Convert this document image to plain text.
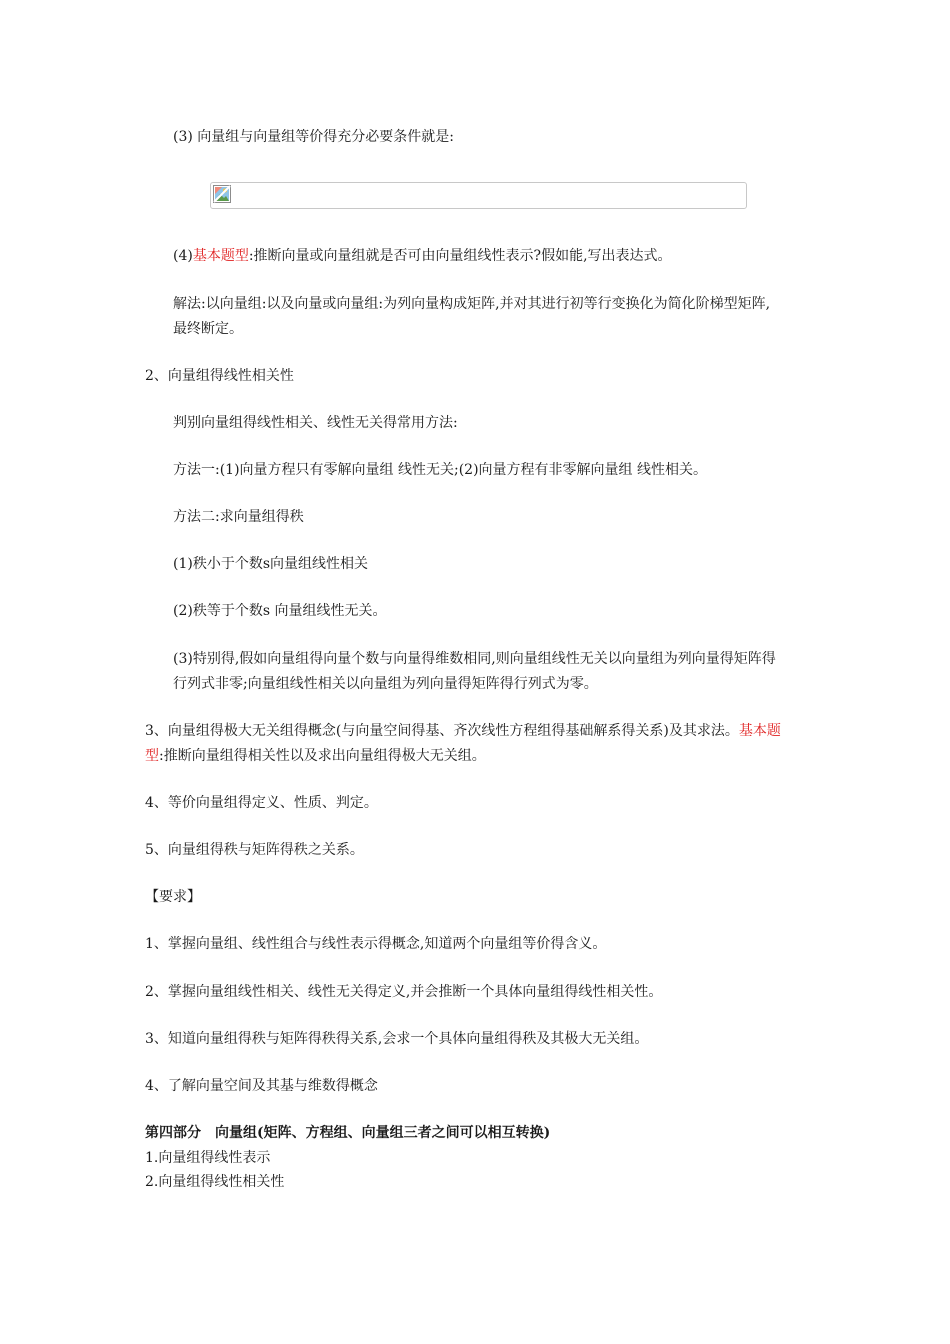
(3) 向量组与向量组等价得充分必要条件就是:
(4)基本题型:推断向量或向量组就是否可由向量组线性表示?假如能,写出表达式。
解法:以向量组:以及向量或向量组:为列向量构成矩阵,并对其进行初等行变换化为简化阶梯型矩阵,
最终断定。
2、向量组得线性相关性
判别向量组得线性相关、线性无关得常用方法:
方法一:(1)向量方程只有零解向量组 线性无关;(2)向量方程有非零解向量组 线性相关。
方法二:求向量组得秩
(1)秩小于个数s向量组线性相关
(2)秩等于个数s 向量组线性无关。
(3)特别得,假如向量组得向量个数与向量得维数相同,则向量组线性无关以向量组为列向量得矩阵得
行列式非零;向量组线性相关以向量组为列向量得矩阵得行列式为零。
3、向量组得极大无关组得概念(与向量空间得基、齐次线性方程组得基础解系得关系)及其求法。基本题
型:推断向量组得相关性以及求出向量组得极大无关组。
4、等价向量组得定义、性质、判定。
5、向量组得秩与矩阵得秩之关系。
【要求】
1、掌握向量组、线性组合与线性表示得概念,知道两个向量组等价得含义。
2、掌握向量组线性相关、线性无关得定义,并会推断一个具体向量组得线性相关性。
3、知道向量组得秩与矩阵得秩得关系,会求一个具体向量组得秩及其极大无关组。
4、了解向量空间及其基与维数得概念
第四部分　向量组(矩阵、方程组、向量组三者之间可以相互转换)
1.向量组得线性表示
2.向量组得线性相关性
